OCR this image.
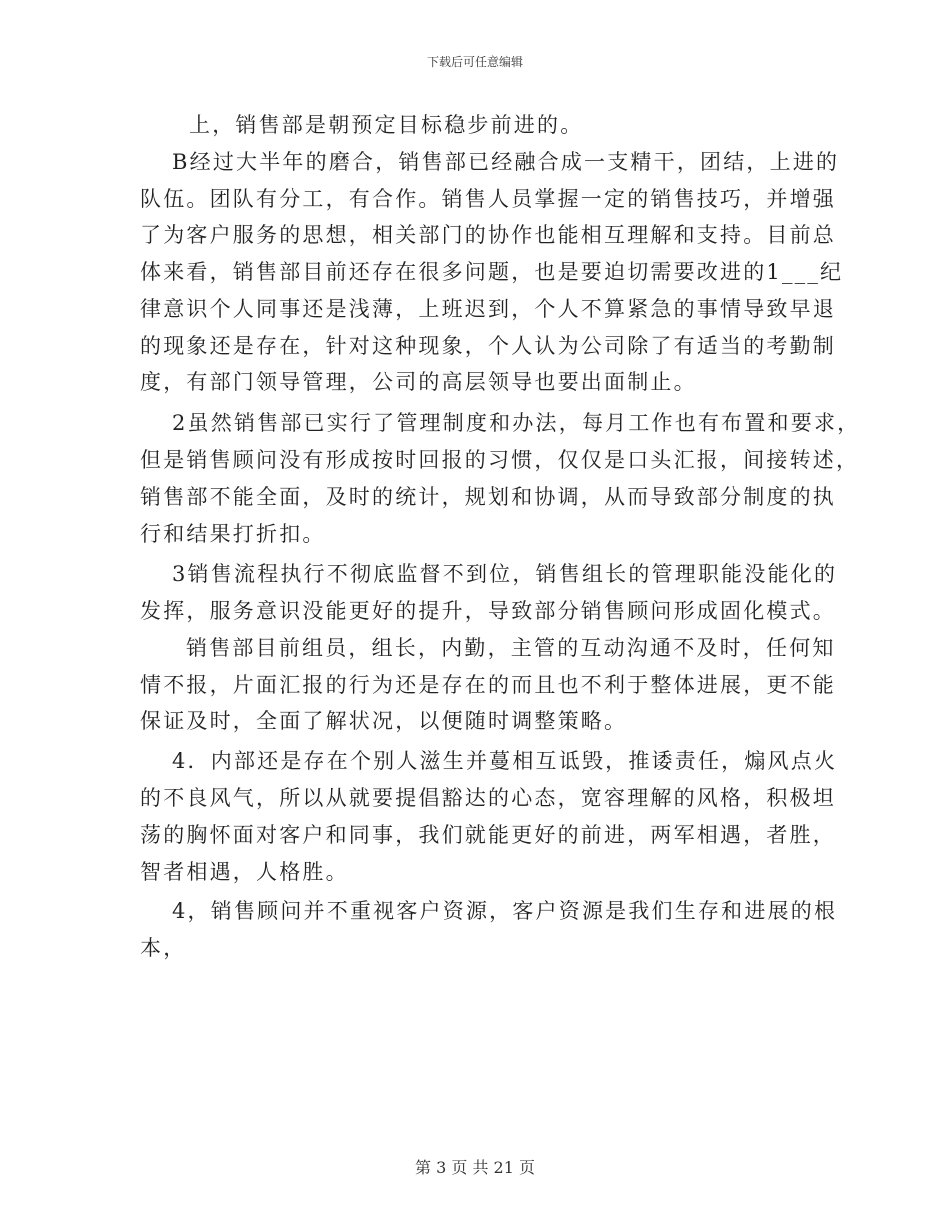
下载后可任意编辑
上，销售部是朝预定目标稳步前进的。
B经过大半年的磨合，销售部已经融合成一支精干，团结，上进的
队伍。团队有分工，有合作。销售人员掌握一定的销售技巧，并增强
了为客户服务的思想，相关部门的协作也能相互理解和支持。目前总
体来看，销售部目前还存在很多问题，也是要迫切需要改进的1___纪
律意识个人同事还是浅薄，上班迟到，个人不算紧急的事情导致早退
的现象还是存在，针对这种现象，个人认为公司除了有适当的考勤制
度，有部门领导管理，公司的高层领导也要出面制止。
2虽然销售部已实行了管理制度和办法，每月工作也有布置和要求，
但是销售顾问没有形成按时回报的习惯，仅仅是口头汇报，间接转述，
销售部不能全面，及时的统计，规划和协调，从而导致部分制度的执
行和结果打折扣。
3销售流程执行不彻底监督不到位，销售组长的管理职能没能化的
发挥，服务意识没能更好的提升，导致部分销售顾问形成固化模式。
销售部目前组员，组长，内勤，主管的互动沟通不及时，任何知
情不报，片面汇报的行为还是存在的而且也不利于整体进展，更不能
保证及时，全面了解状况，以便随时调整策略。
4．内部还是存在个别人滋生并蔓相互诋毁，推诿责任，煽风点火
的不良风气，所以从就要提倡豁达的心态，宽容理解的风格，积极坦
荡的胸怀面对客户和同事，我们就能更好的前进，两军相遇，者胜，
智者相遇，人格胜。
4，销售顾问并不重视客户资源，客户资源是我们生存和进展的根
本，
第 3 页 共 21 页
